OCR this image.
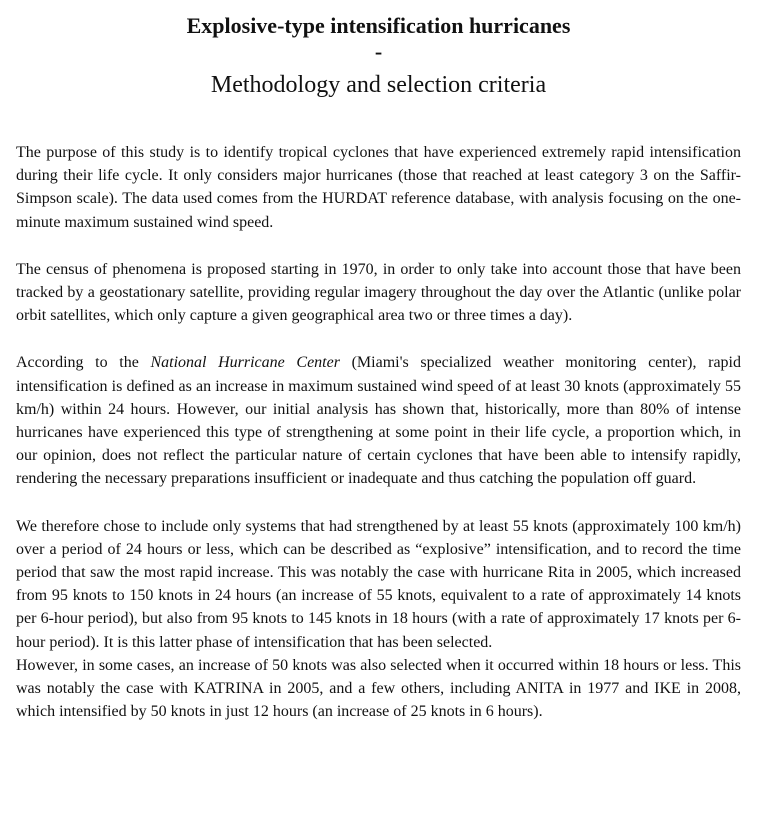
Explosive-type intensification hurricanes
-
Methodology and selection criteria

The purpose of this study is to identify tropical cyclones that have experienced extremely rapid intensification during their life cycle. It only considers major hurricanes (those that reached at least category 3 on the Saffir-Simpson scale). The data used comes from the HURDAT reference database, with analysis focusing on the one-minute maximum sustained wind speed.

The census of phenomena is proposed starting in 1970, in order to only take into account those that have been tracked by a geostationary satellite, providing regular imagery throughout the day over the Atlantic (unlike polar orbit satellites, which only capture a given geographical area two or three times a day).

According to the National Hurricane Center (Miami's specialized weather monitoring center), rapid intensification is defined as an increase in maximum sustained wind speed of at least 30 knots (approximately 55 km/h) within 24 hours. However, our initial analysis has shown that, historically, more than 80% of intense hurricanes have experienced this type of strengthening at some point in their life cycle, a proportion which, in our opinion, does not reflect the particular nature of certain cyclones that have been able to intensify rapidly, rendering the necessary preparations insufficient or inadequate and thus catching the population off guard.

We therefore chose to include only systems that had strengthened by at least 55 knots (approximately 100 km/h) over a period of 24 hours or less, which can be described as “explosive” intensification, and to record the time period that saw the most rapid increase. This was notably the case with hurricane Rita in 2005, which increased from 95 knots to 150 knots in 24 hours (an increase of 55 knots, equivalent to a rate of approximately 14 knots per 6-hour period), but also from 95 knots to 145 knots in 18 hours (with a rate of approximately 17 knots per 6-hour period). It is this latter phase of intensification that has been selected.

However, in some cases, an increase of 50 knots was also selected when it occurred within 18 hours or less. This was notably the case with KATRINA in 2005, and a few others, including ANITA in 1977 and IKE in 2008, which intensified by 50 knots in just 12 hours (an increase of 25 knots in 6 hours).
